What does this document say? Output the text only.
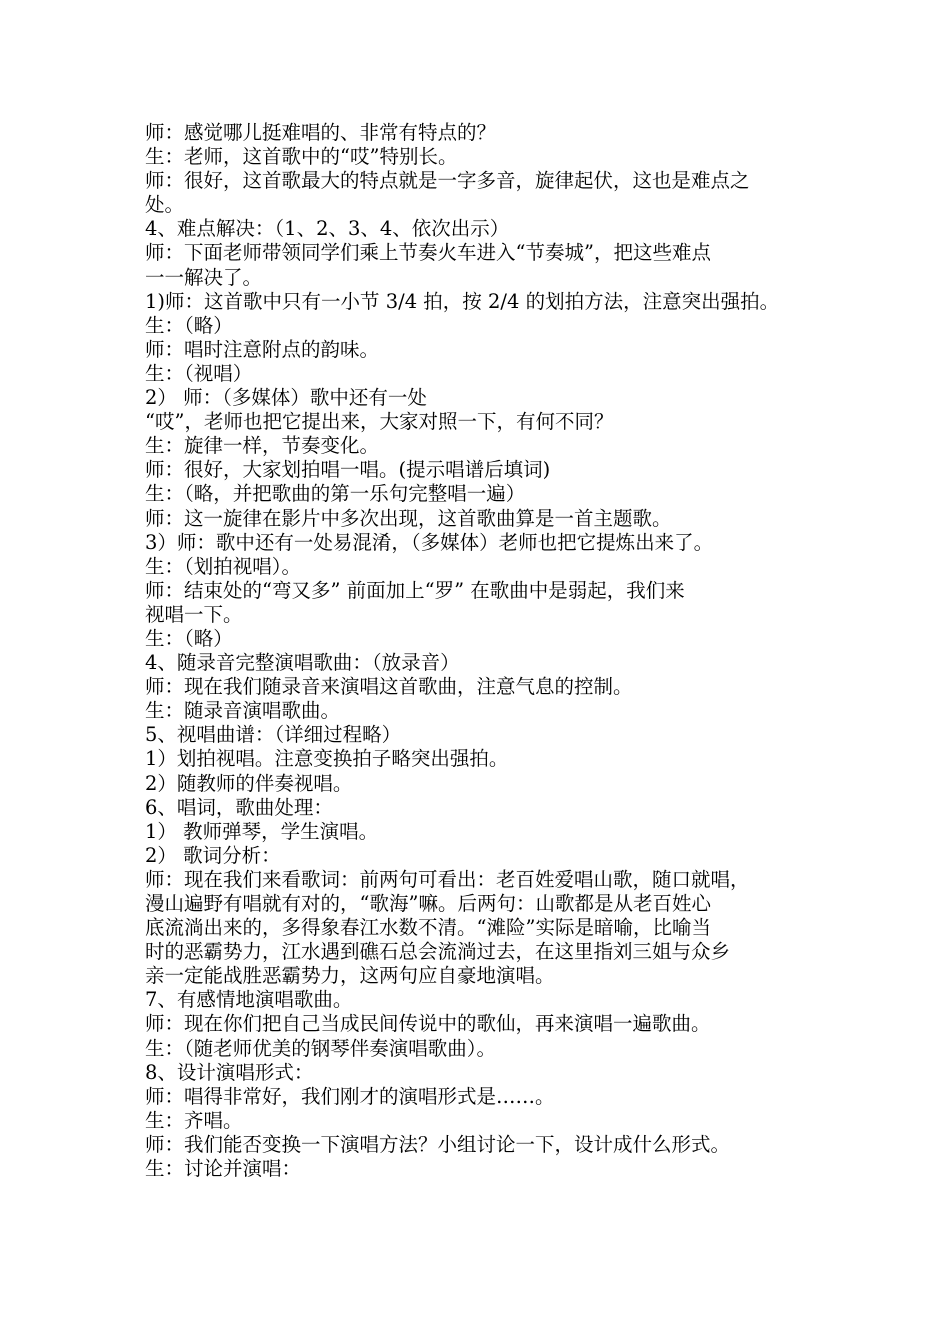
师：感觉哪儿挺难唱的、非常有特点的？
生：老师，这首歌中的“哎”特别长。
师：很好，这首歌最大的特点就是一字多音，旋律起伏，这也是难点之
处。
4、难点解决：（1、2、3、4、依次出示）
师：下面老师带领同学们乘上节奏火车进入“节奏城”，把这些难点
一一解决了。
1)师：这首歌中只有一小节 3/4 拍，按 2/4 的划拍方法，注意突出强拍。
生：（略）
师：唱时注意附点的韵味。
生：（视唱）
2） 师：（多媒体）歌中还有一处
“哎”，老师也把它提出来，大家对照一下，有何不同？
生：旋律一样，节奏变化。
师：很好，大家划拍唱一唱。(提示唱谱后填词)
生：（略，并把歌曲的第一乐句完整唱一遍）
师：这一旋律在影片中多次出现，这首歌曲算是一首主题歌。
3）师：歌中还有一处易混淆，（多媒体）老师也把它提炼出来了。
生：（划拍视唱）。
师：结束处的“弯又多” 前面加上“罗” 在歌曲中是弱起，我们来
视唱一下。
生：（略）
4、随录音完整演唱歌曲：（放录音）
师：现在我们随录音来演唱这首歌曲，注意气息的控制。
生：随录音演唱歌曲。
5、视唱曲谱：（详细过程略）
1）划拍视唱。注意变换拍子略突出强拍。
2）随教师的伴奏视唱。
6、唱词，歌曲处理：
1） 教师弹琴，学生演唱。
2） 歌词分析：
师：现在我们来看歌词：前两句可看出：老百姓爱唱山歌，随口就唱，
漫山遍野有唱就有对的，“歌海”嘛。后两句：山歌都是从老百姓心
底流淌出来的，多得象春江水数不清。“滩险”实际是暗喻，比喻当
时的恶霸势力，江水遇到礁石总会流淌过去，在这里指刘三姐与众乡
亲一定能战胜恶霸势力，这两句应自豪地演唱。
7、有感情地演唱歌曲。
师：现在你们把自己当成民间传说中的歌仙，再来演唱一遍歌曲。
生：（随老师优美的钢琴伴奏演唱歌曲）。
8、设计演唱形式：
师：唱得非常好，我们刚才的演唱形式是……。
生：齐唱。
师：我们能否变换一下演唱方法？小组讨论一下，设计成什么形式。
生：讨论并演唱：
